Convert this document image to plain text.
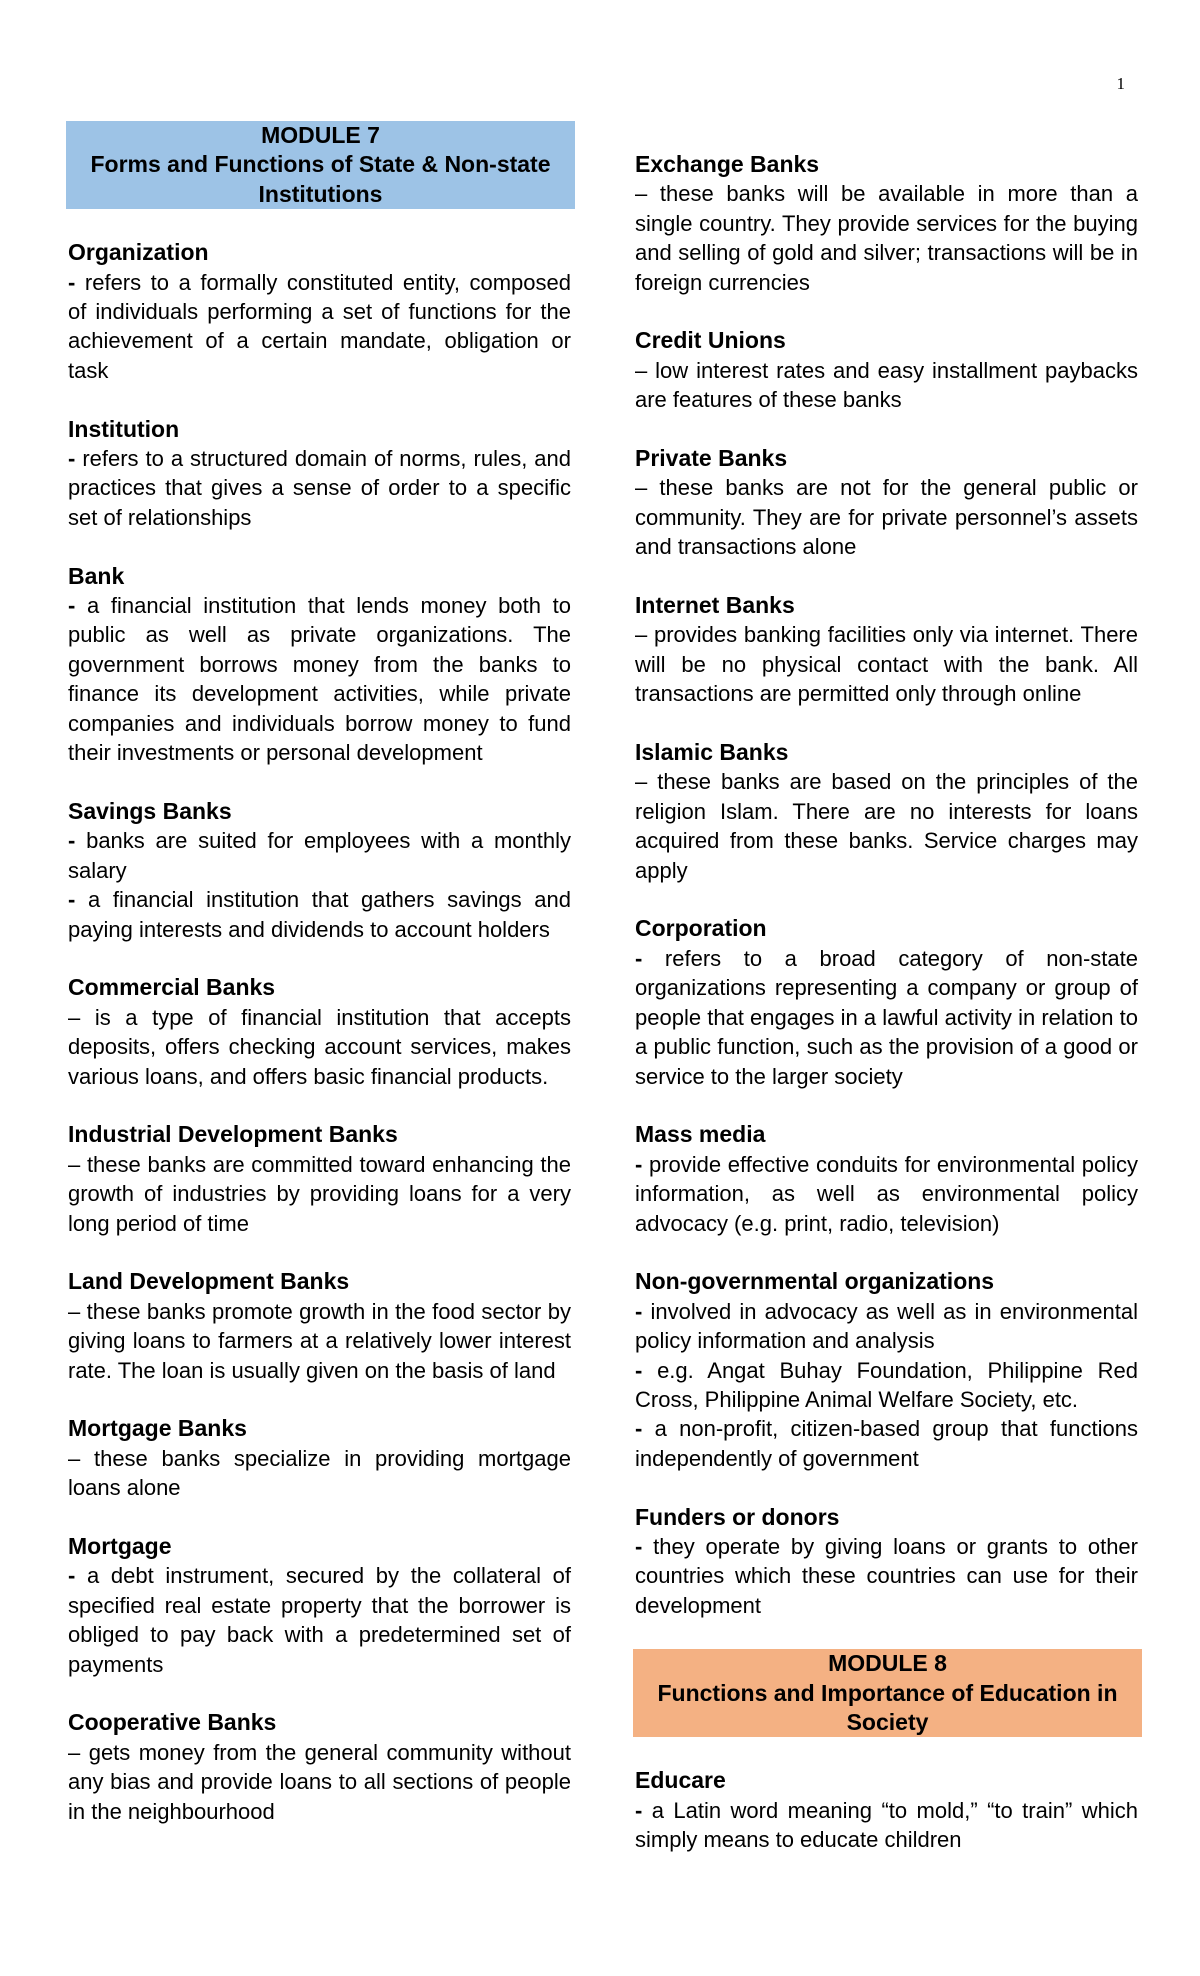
1
MODULE 7
Forms and Functions of State & Non-state Institutions
Organization

- refers to a formally constituted entity, composed of individuals performing a set of functions for the achievement of a certain mandate, obligation or task

Institution

- refers to a structured domain of norms, rules, and practices that gives a sense of order to a specific set of relationships

Bank

- a financial institution that lends money both to public as well as private organizations. The government borrows money from the banks to finance its development activities, while private companies and individuals borrow money to fund their investments or personal development

Savings Banks

- banks are suited for employees with a monthly salary

- a financial institution that gathers savings and paying interests and dividends to account holders

Commercial Banks

– is a type of financial institution that accepts deposits, offers checking account services, makes various loans, and offers basic financial products.

Industrial Development Banks

– these banks are committed toward enhancing the growth of industries by providing loans for a very long period of time

Land Development Banks

– these banks promote growth in the food sector by giving loans to farmers at a relatively lower interest rate. The loan is usually given on the basis of land

Mortgage Banks

– these banks specialize in providing mortgage loans alone

Mortgage

- a debt instrument, secured by the collateral of specified real estate property that the borrower is obliged to pay back with a predetermined set of payments

Cooperative Banks

– gets money from the general community without any bias and provide loans to all sections of people in the neighbourhood

Exchange Banks

– these banks will be available in more than a single country. They provide services for the buying and selling of gold and silver; transactions will be in foreign currencies

Credit Unions

– low interest rates and easy installment paybacks are features of these banks

Private Banks

– these banks are not for the general public or community. They are for private personnel’s assets and transactions alone

Internet Banks

– provides banking facilities only via internet. There will be no physical contact with the bank. All transactions are permitted only through online

Islamic Banks

– these banks are based on the principles of the religion Islam. There are no interests for loans acquired from these banks. Service charges may apply

Corporation

- refers to a broad category of non-state organizations representing a company or group of people that engages in a lawful activity in relation to a public function, such as the provision of a good or service to the larger society

Mass media

- provide effective conduits for environmental policy information, as well as environmental policy advocacy (e.g. print, radio, television)

Non-governmental organizations

- involved in advocacy as well as in environmental policy information and analysis

- e.g. Angat Buhay Foundation, Philippine Red Cross, Philippine Animal Welfare Society, etc.

- a non-profit, citizen-based group that functions independently of government

Funders or donors

- they operate by giving loans or grants to other countries which these countries can use for their development

MODULE 8
Functions and Importance of Education in Society
Educare

- a Latin word meaning “to mold,” “to train” which simply means to educate children
